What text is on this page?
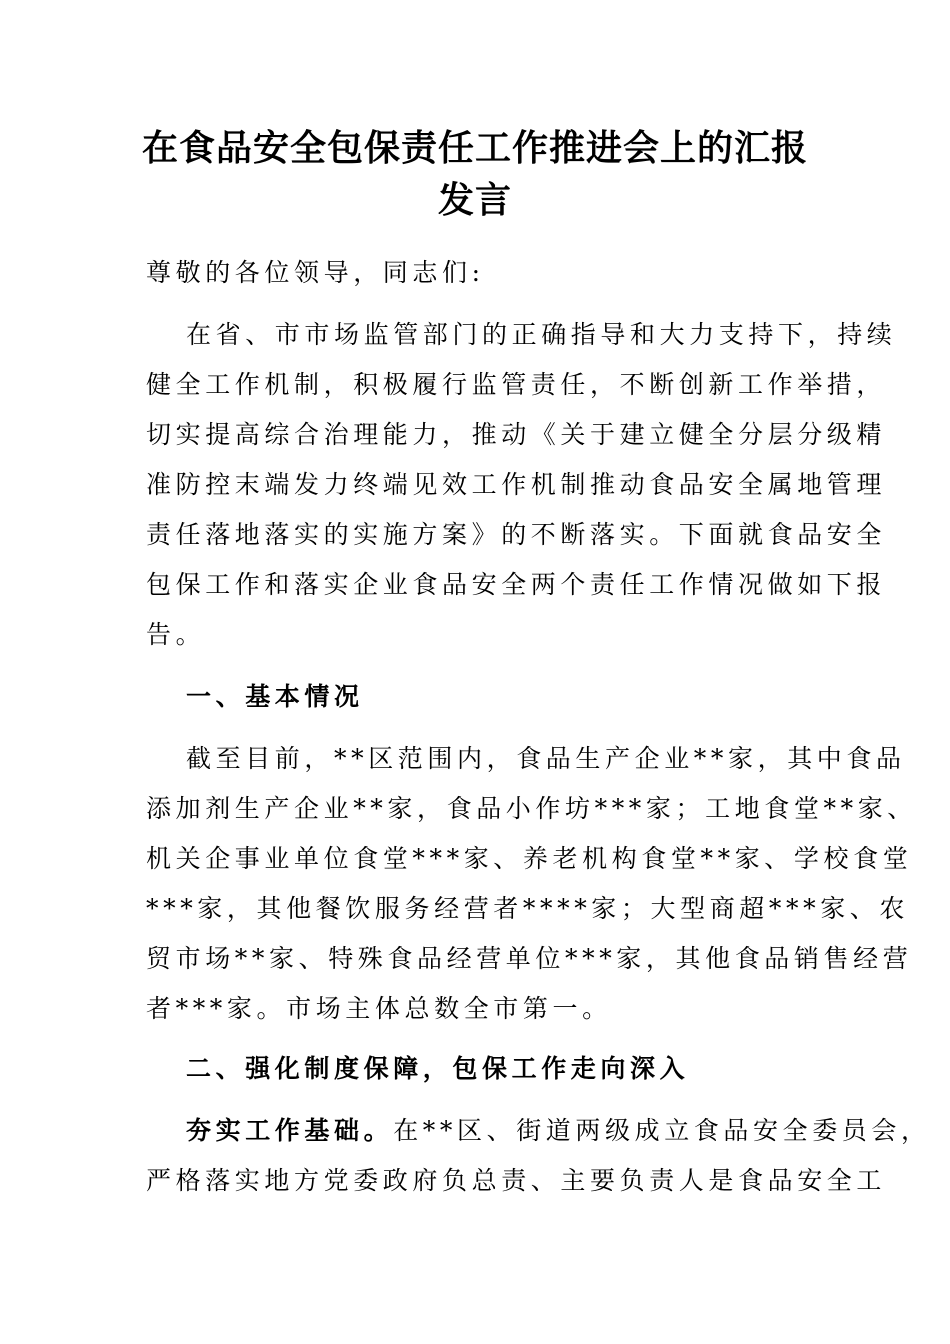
在食品安全包保责任工作推进会上的汇报
发言
尊敬的各位领导，同志们:
在省、市市场监管部门的正确指导和大力支持下，持续
健全工作机制，积极履行监管责任，不断创新工作举措，
切实提高综合治理能力，推动《关于建立健全分层分级精
准防控末端发力终端见效工作机制推动食品安全属地管理
责任落地落实的实施方案》的不断落实。下面就食品安全
包保工作和落实企业食品安全两个责任工作情况做如下报
告。
一、基本情况
截至目前，**区范围内，食品生产企业**家，其中食品
添加剂生产企业**家，食品小作坊***家；工地食堂**家、
机关企事业单位食堂***家、养老机构食堂**家、学校食堂
***家，其他餐饮服务经营者****家；大型商超***家、农
贸市场**家、特殊食品经营单位***家，其他食品销售经营
者***家。市场主体总数全市第一。
二、强化制度保障，包保工作走向深入
夯实工作基础。在**区、街道两级成立食品安全委员会，
严格落实地方党委政府负总责、主要负责人是食品安全工
